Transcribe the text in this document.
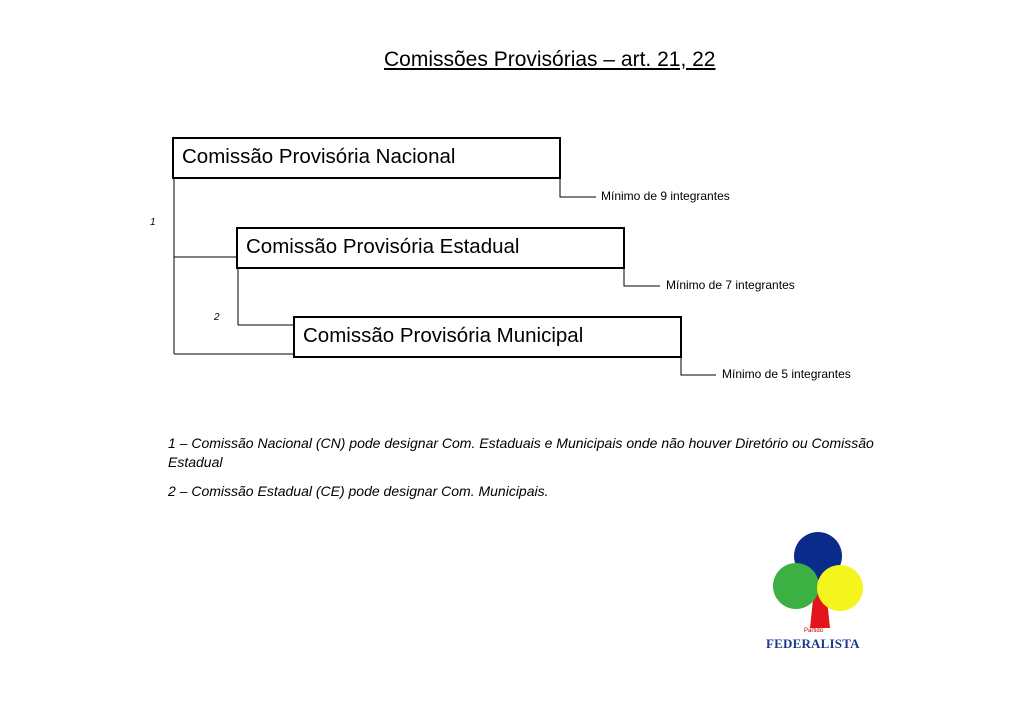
Comissões Provisórias – art. 21, 22
Comissão Provisória Nacional
Comissão Provisória Estadual
Comissão Provisória Municipal
Mínimo de 9 integrantes
Mínimo de 7 integrantes
Mínimo de 5 integrantes
1
2
1 – Comissão Nacional (CN) pode designar Com. Estaduais e Municipais onde não houver Diretório ou Comissão Estadual
2 – Comissão Estadual (CE) pode designar Com. Municipais.
Partido
FEDERALISTA
